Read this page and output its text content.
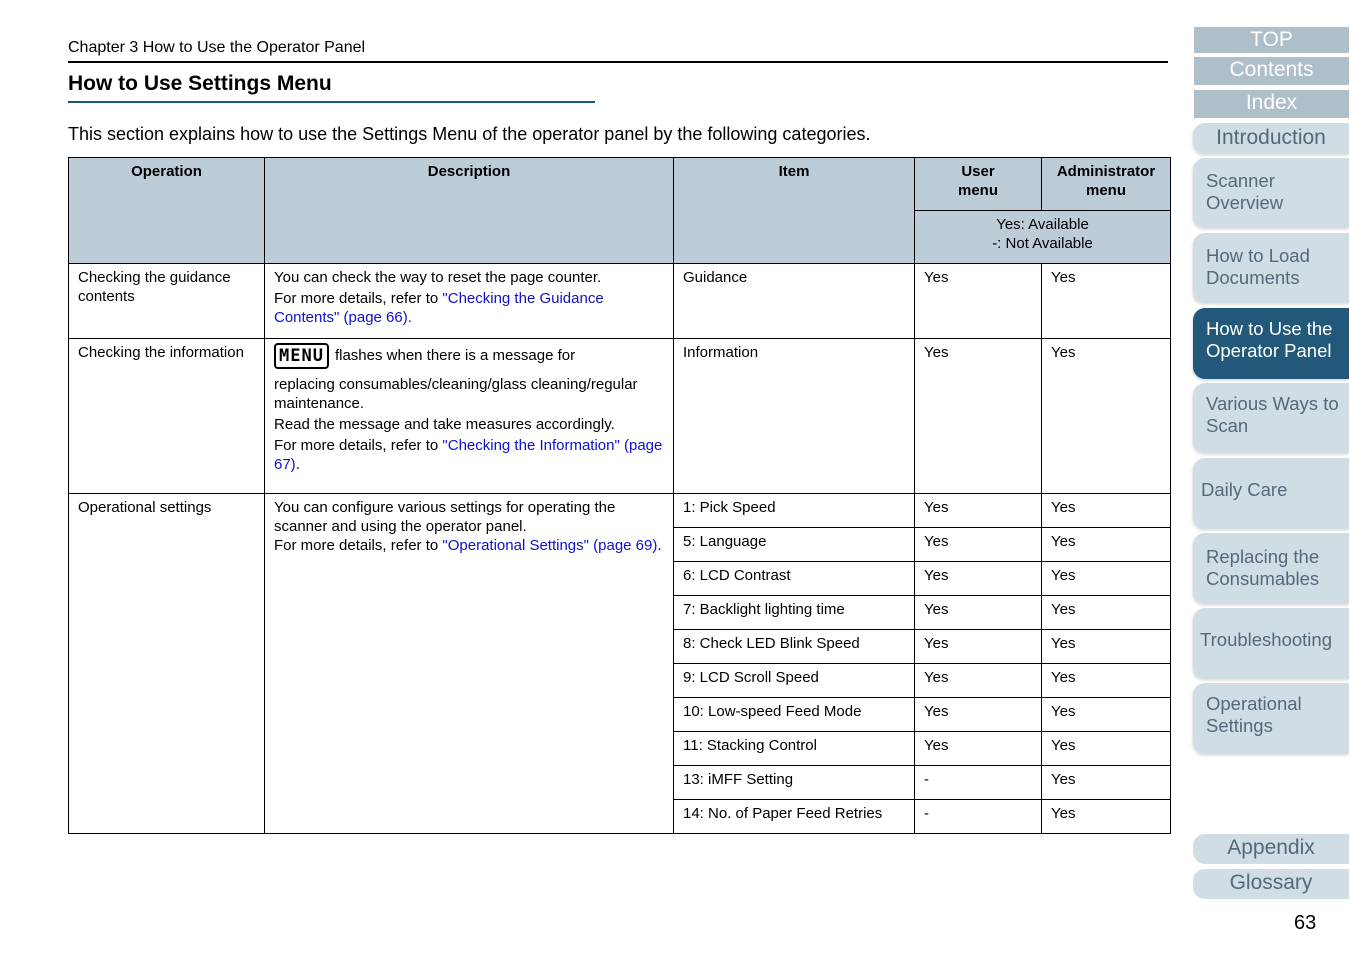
Chapter 3 How to Use the Operator Panel
How to Use Settings Menu
This section explains how to use the Settings Menu of the operator panel by the following categories.
Operation	Description	Item	User menu	Administrator menu

			Yes: Available
-: Not Available	

Checking the guidance contents	You can check the way to reset the page counter.
For more details, refer to "Checking the Guidance Contents" (page 66).	Guidance	Yes	Yes
Checking the information	MENU flashes when there is a message for
replacing consumables/cleaning/glass cleaning/regular maintenance.
Read the message and take measures accordingly.
For more details, refer to "Checking the Information" (page 67).	Information	Yes	Yes
Operational settings	You can configure various settings for operating the scanner and using the operator panel.
For more details, refer to "Operational Settings" (page 69).	1: Pick Speed	Yes	Yes
		5: Language	Yes	Yes
		6: LCD Contrast	Yes	Yes
		7: Backlight lighting time	Yes	Yes
		8: Check LED Blink Speed	Yes	Yes
		9: LCD Scroll Speed	Yes	Yes
		10: Low-speed Feed Mode	Yes	Yes
		11: Stacking Control	Yes	Yes
		13: iMFF Setting	-	Yes
		14: No. of Paper Feed Retries	-	Yes
TOP
Contents
Index
Introduction
Scanner Overview
How to Load Documents
How to Use the Operator Panel
Various Ways to Scan
Daily Care
Replacing the Consumables
Troubleshooting
Operational Settings
Appendix
Glossary
63
